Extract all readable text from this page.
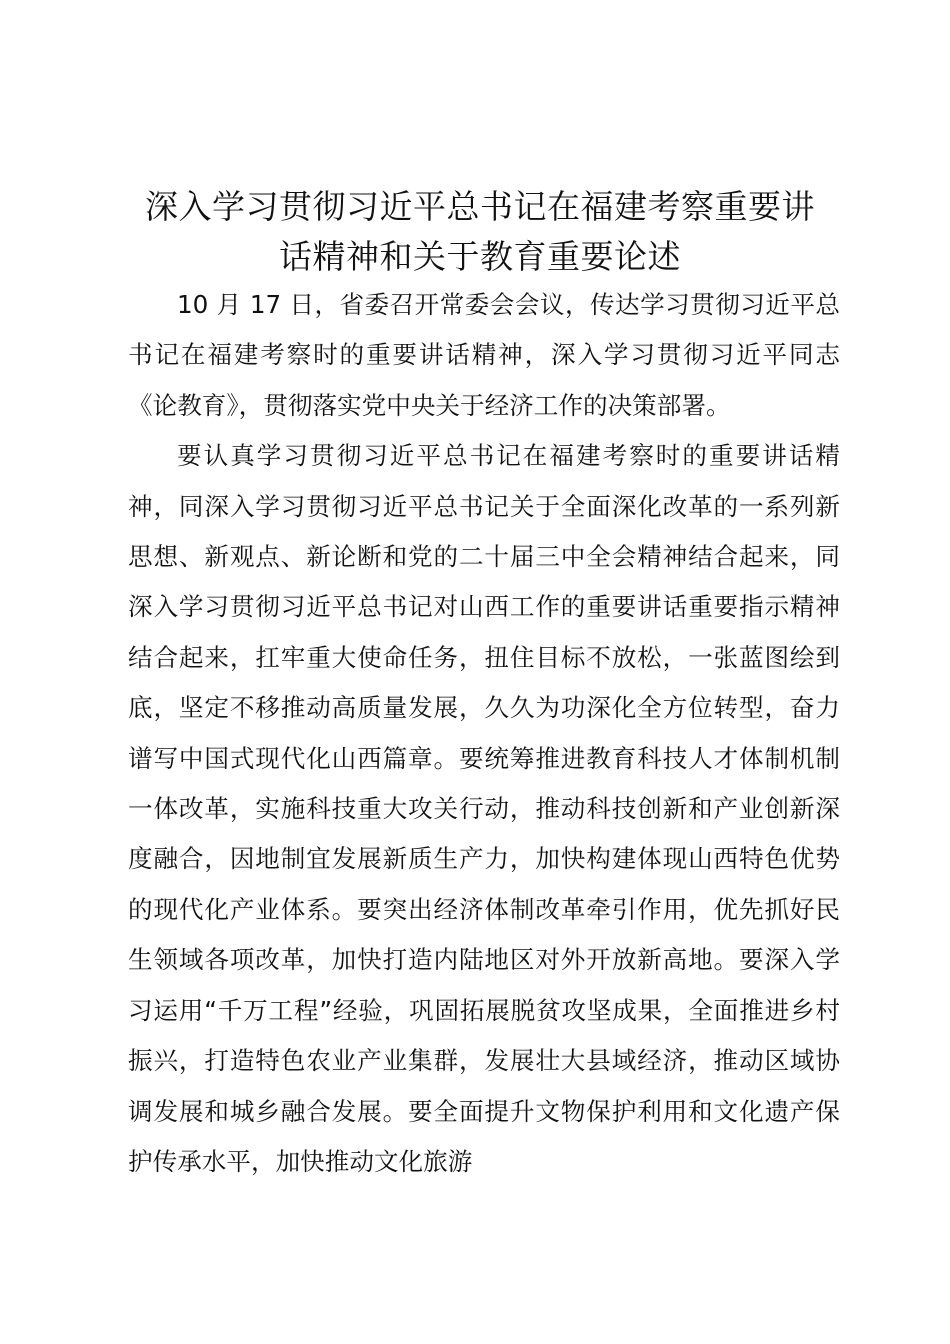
深入学习贯彻习近平总书记在福建考察重要讲
话精神和关于教育重要论述

10 月 17 日，省委召开常委会会议，传达学习贯彻习近平总书记在福建考察时的重要讲话精神，深入学习贯彻习近平同志《论教育》，贯彻落实党中央关于经济工作的决策部署。

要认真学习贯彻习近平总书记在福建考察时的重要讲话精神，同深入学习贯彻习近平总书记关于全面深化改革的一系列新思想、新观点、新论断和党的二十届三中全会精神结合起来，同深入学习贯彻习近平总书记对山西工作的重要讲话重要指示精神结合起来，扛牢重大使命任务，扭住目标不放松，一张蓝图绘到底，坚定不移推动高质量发展，久久为功深化全方位转型，奋力谱写中国式现代化山西篇章。要统筹推进教育科技人才体制机制一体改革，实施科技重大攻关行动，推动科技创新和产业创新深度融合，因地制宜发展新质生产力，加快构建体现山西特色优势的现代化产业体系。要突出经济体制改革牵引作用，优先抓好民生领域各项改革，加快打造内陆地区对外开放新高地。要深入学习运用“千万工程”经验，巩固拓展脱贫攻坚成果，全面推进乡村振兴，打造特色农业产业集群，发展壮大县域经济，推动区域协调发展和城乡融合发展。要全面提升文物保护利用和文化遗产保护传承水平，加快推动文化旅游
